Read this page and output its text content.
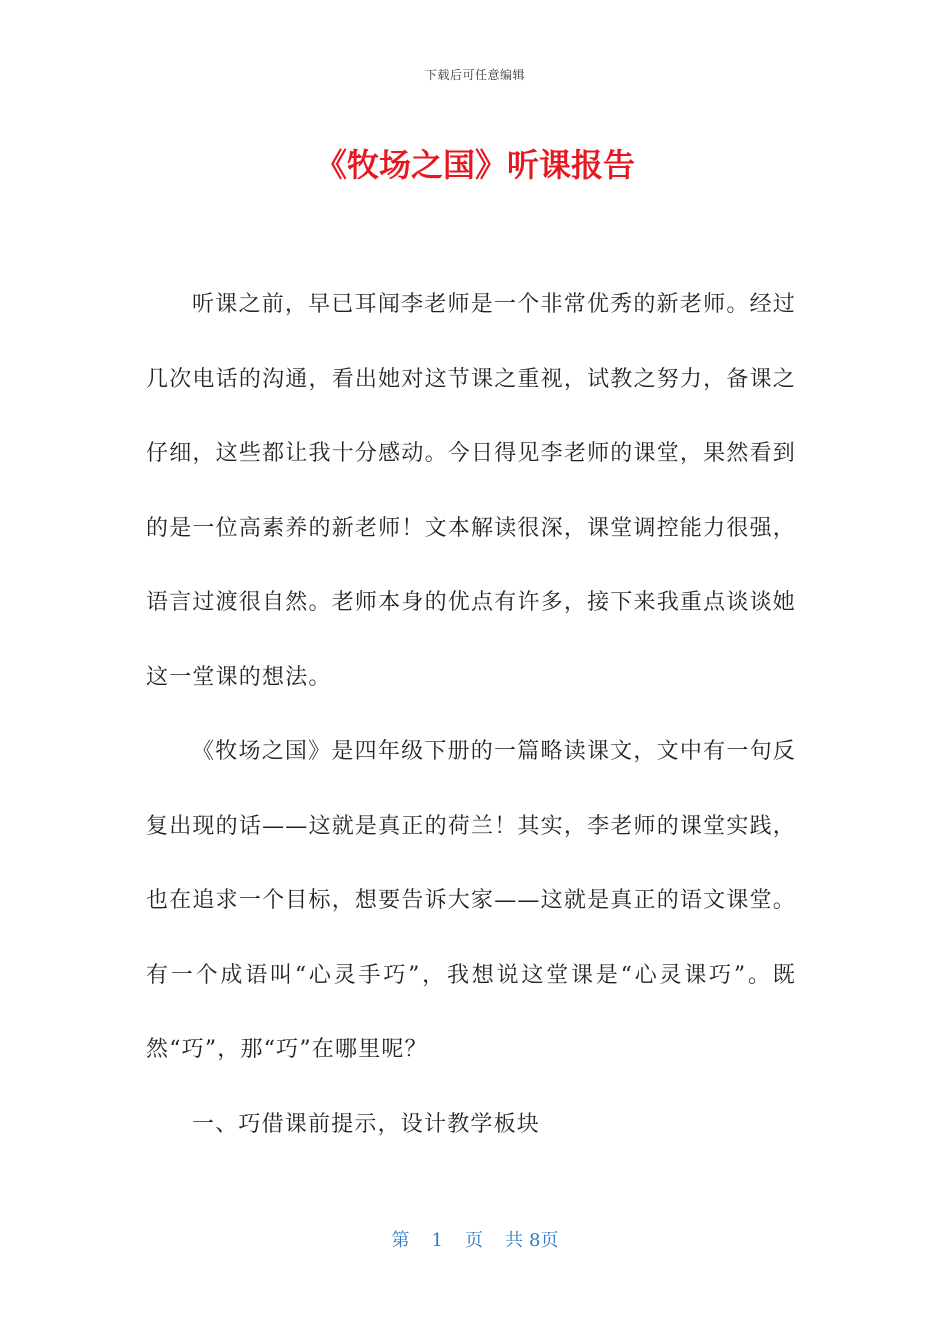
下载后可任意编辑
《牧场之国》听课报告

听课之前，早已耳闻李老师是一个非常优秀的新老师。经过几次电话的沟通，看出她对这节课之重视，试教之努力，备课之仔细，这些都让我十分感动。今日得见李老师的课堂，果然看到的是一位高素养的新老师！文本解读很深，课堂调控能力很强，语言过渡很自然。老师本身的优点有许多，接下来我重点谈谈她这一堂课的想法。

《牧场之国》是四年级下册的一篇略读课文，文中有一句反复出现的话——这就是真正的荷兰！其实，李老师的课堂实践，也在追求一个目标，想要告诉大家——这就是真正的语文课堂。有一个成语叫“心灵手巧”，我想说这堂课是“心灵课巧”。既然“巧”，那“巧”在哪里呢？

一、巧借课前提示，设计教学板块

第 1 页 共 8页
